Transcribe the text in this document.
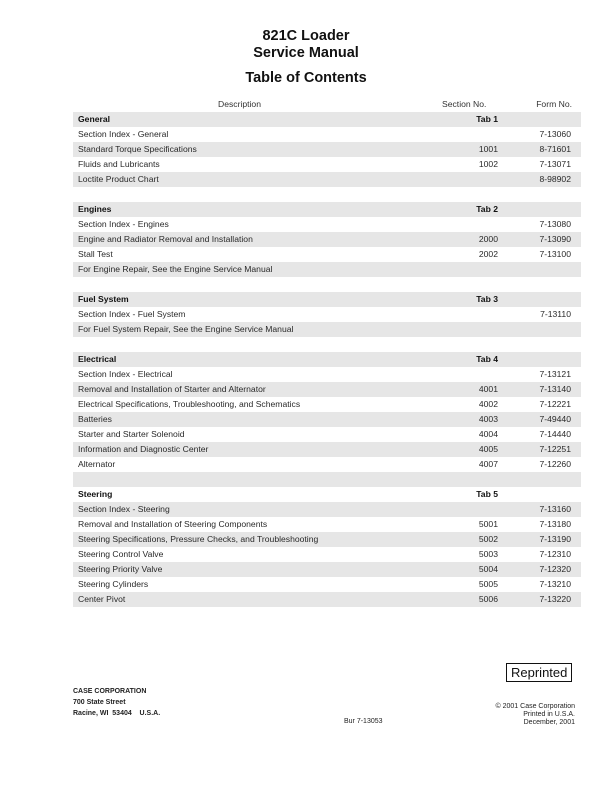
821C Loader
Service Manual
Table of Contents
Description	Section No.	Form No.
General	Tab 1
Section Index - General	7-13060
Standard Torque Specifications	1001	8-71601
Fluids and Lubricants	1002	7-13071
Loctite Product Chart	8-98902
Engines	Tab 2
Section Index - Engines	7-13080
Engine and Radiator Removal and Installation	2000	7-13090
Stall Test	2002	7-13100
For Engine Repair, See the Engine Service Manual
Fuel System	Tab 3
Section Index - Fuel System	7-13110
For Fuel System Repair, See the Engine Service Manual
Electrical	Tab 4
Section Index - Electrical	7-13121
Removal and Installation of Starter and Alternator	4001	7-13140
Electrical Specifications, Troubleshooting, and Schematics	4002	7-12221
Batteries	4003	7-49440
Starter and Starter Solenoid	4004	7-14440
Information and Diagnostic Center	4005	7-12251
Alternator	4007	7-12260
Steering	Tab 5
Section Index - Steering	7-13160
Removal and Installation of Steering Components	5001	7-13180
Steering Specifications, Pressure Checks, and Troubleshooting	5002	7-13190
Steering Control Valve	5003	7-12310
Steering Priority Valve	5004	7-12320
Steering Cylinders	5005	7-13210
Center Pivot	5006	7-13220
CASE CORPORATION
700 State Street
Racine, WI  53404    U.S.A.
Bur 7-13053
Reprinted
© 2001 Case Corporation
Printed in U.S.A.
December, 2001
